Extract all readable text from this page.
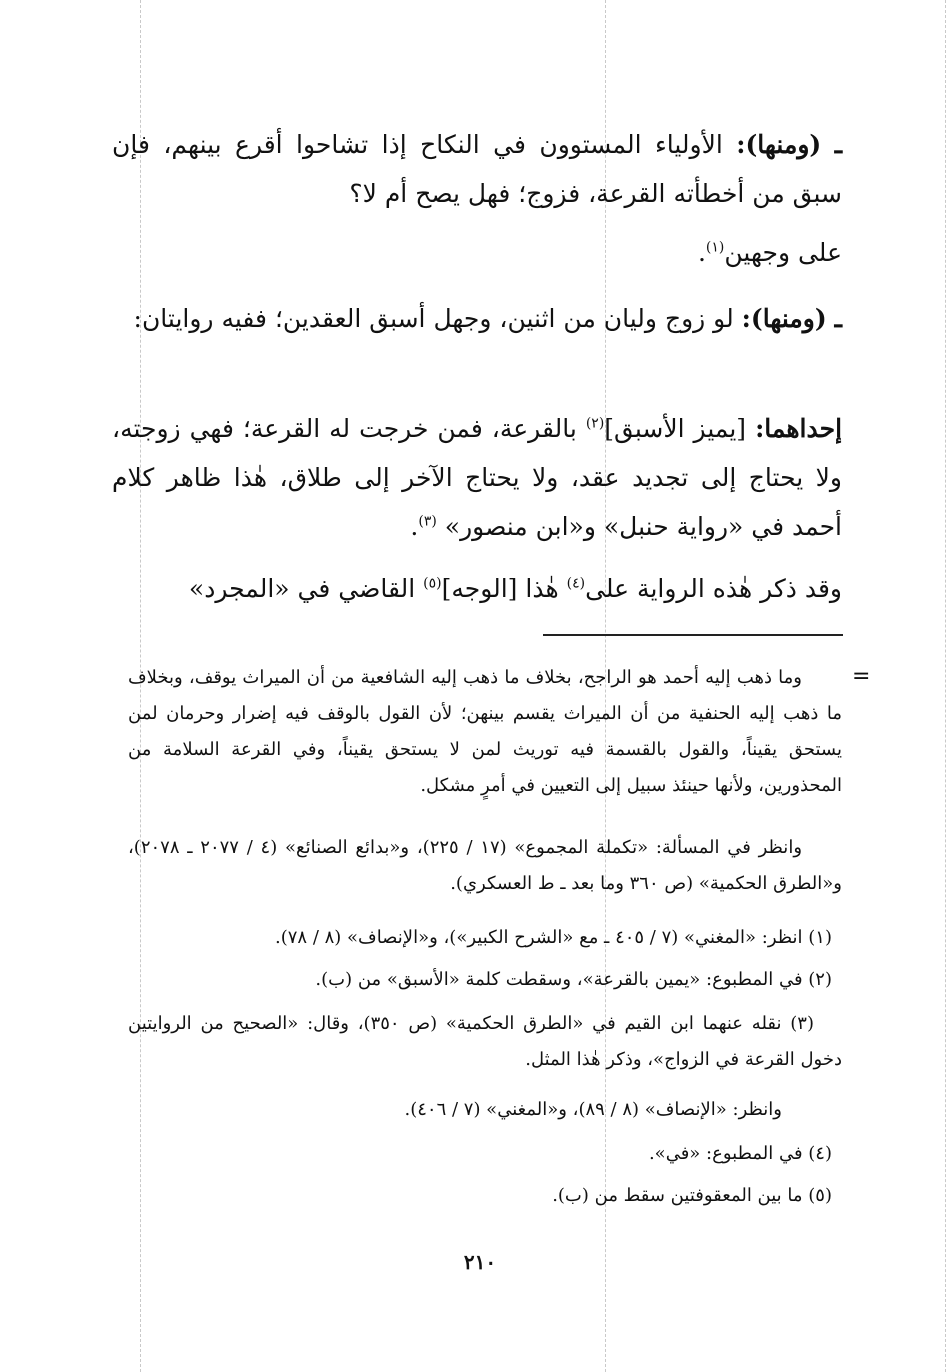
ـ (ومنها): الأولياء المستوون في النكاح إذا تشاحوا أقرع بينهم، فإن سبق من أخطأته القرعة، فزوج؛ فهل يصح أم لا؟
على وجهين$^{(١)}$.
ـ (ومنها): لو زوج وليان من اثنين، وجهل أسبق العقدين؛ ففيه روايتان:
إحداهما: [يميز الأسبق]$^{(٢)}$ بالقرعة، فمن خرجت له القرعة؛ فهي زوجته، ولا يحتاج إلى تجديد عقد، ولا يحتاج الآخر إلى طلاق، هٰذا ظاهر كلام أحمد في «رواية حنبل» و«ابن منصور» $^{(٣)}$.
وقد ذكر هٰذه الرواية على$^{(٤)}$ هٰذا [الوجه]$^{(٥)}$ القاضي في «المجرد»
=
وما ذهب إليه أحمد هو الراجح، بخلاف ما ذهب إليه الشافعية من أن الميراث يوقف، وبخلاف ما ذهب إليه الحنفية من أن الميراث يقسم بينهن؛ لأن القول بالوقف فيه إضرار وحرمان لمن يستحق يقيناً، والقول بالقسمة فيه توريث لمن لا يستحق يقيناً، وفي القرعة السلامة من المحذورين، ولأنها حينئذ سبيل إلى التعيين في أمرٍ مشكل.
وانظر في المسألة: «تكملة المجموع» (١٧ / ٢٢٥)، و«بدائع الصنائع» (٤ / ٢٠٧٧ ـ ٢٠٧٨)، و«الطرق الحكمية» (ص ٣٦٠ وما بعد ـ ط العسكري).
(١) انظر: «المغني» (٧ / ٤٠٥ ـ مع «الشرح الكبير»)، و«الإنصاف» (٨ / ٧٨).
(٢) في المطبوع: «يمين بالقرعة»، وسقطت كلمة «الأسبق» من (ب).
(٣) نقله عنهما ابن القيم في «الطرق الحكمية» (ص ٣٥٠)، وقال: «الصحيح من الروايتين دخول القرعة في الزواج»، وذكر هٰذا المثل.
وانظر: «الإنصاف» (٨ / ٨٩)، و«المغني» (٧ / ٤٠٦).
(٤) في المطبوع: «في».
(٥) ما بين المعقوفتين سقط من (ب).
٢١٠
